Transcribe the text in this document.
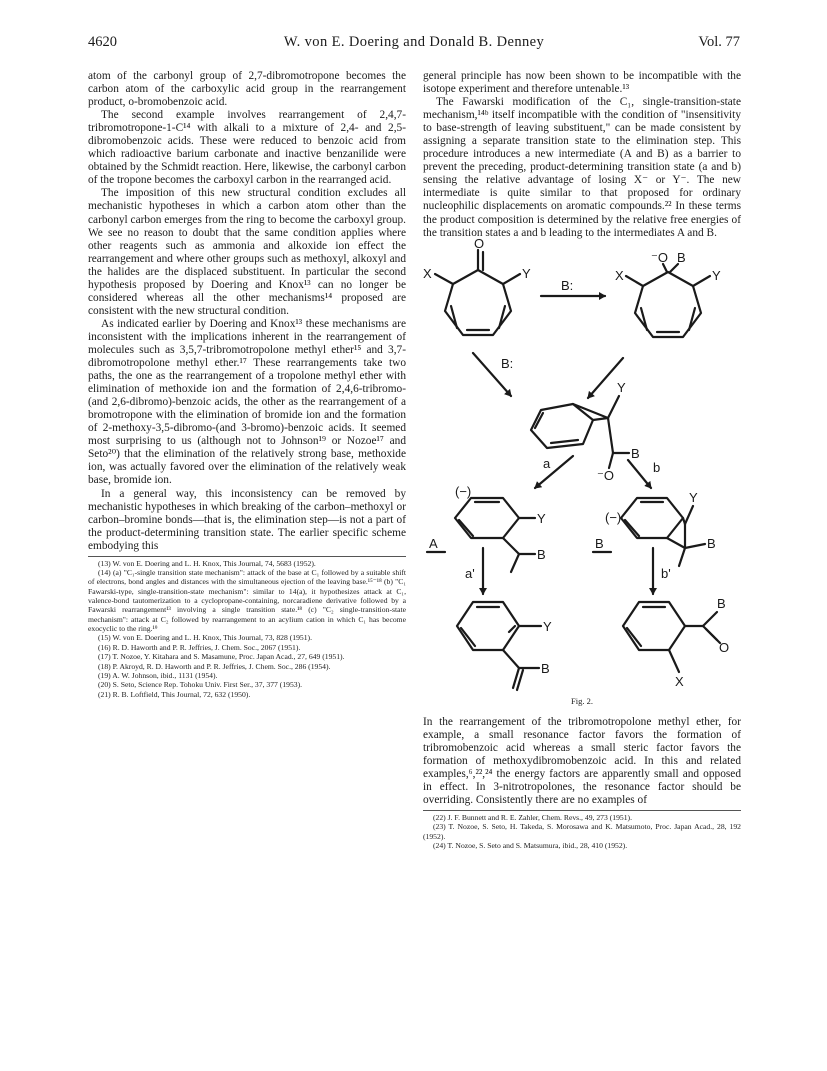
4620	W. von E. Doering and Donald B. Denney	Vol. 77

atom of the carbonyl group of 2,7-dibromotropone becomes the carbon atom of the carboxylic acid group in the rearrangement product, o-bromobenzoic acid.

The second example involves rearrangement of 2,4,7-tribromotropone-1-C¹⁴ with alkali to a mixture of 2,4- and 2,5-dibromobenzoic acids. These were reduced to benzoic acid from which radioactive barium carbonate and inactive benzanilide were obtained by the Schmidt reaction. Here, likewise, the carbonyl carbon of the tropone becomes the carboxyl carbon in the rearranged acid.

The imposition of this new structural condition excludes all mechanistic hypotheses in which a carbon atom other than the carbonyl carbon emerges from the ring to become the carboxyl group. We see no reason to doubt that the same condition applies where other reagents such as ammonia and alkoxide ion effect the rearrangement and where other groups such as methoxyl, alkoxyl and the halides are the displaced substituent. In particular the second hypothesis proposed by Doering and Knox¹³ can no longer be considered whereas all the other mechanisms¹⁴ proposed are consistent with the new structural condition.

As indicated earlier by Doering and Knox¹³ these mechanisms are inconsistent with the implications inherent in the rearrangement of molecules such as 3,5,7-tribromotropolone methyl ether¹⁵ and 3,7-dibromotropolone methyl ether.¹⁷ These rearrangements take two paths, the one as the rearrangement of a tropolone methyl ether with elimination of methoxide ion and the formation of 2,4,6-tribromo-(and 2,6-dibromo)-benzoic acids, the other as the rearrangement of a bromotropone with the elimination of bromide ion and the formation of 2-methoxy-3,5-dibromo-(and 3-bromo)-benzoic acids. It seemed most surprising to us (although not to Johnson¹⁹ or Nozoe¹⁷ and Seto²⁰) that the elimination of the relatively strong base, methoxide ion, was actually favored over the elimination of the relatively weak base, bromide ion.

In a general way, this inconsistency can be removed by mechanistic hypotheses in which breaking of the carbon–methoxyl or carbon–bromine bonds—that is, the elimination step—is not a part of the product-determining transition state. The earlier specific scheme embodying this

(13) W. von E. Doering and L. H. Knox, This Journal, 74, 5683 (1952).

(14) (a) "C₁-single transition state mechanism": attack of the base at C₁ followed by a suitable shift of electrons, bond angles and distances with the simultaneous ejection of the leaving base.¹⁵⁻¹⁸ (b) "C₁ Fawarski-type, single-transition-state mechanism": similar to 14(a), it hypothesizes attack at C₁, valence-bond tautomerization to a cyclopropane-containing, norcaradiene derivative followed by a Fawarski rearrangement¹³ involving a single transition state.¹⁸ (c) "C₂ single-transition-state mechanism": attack at C₂ followed by rearrangement to an acylium cation in which C₁ has become exocyclic to the ring.¹⁹

(15) W. von E. Doering and L. H. Knox, This Journal, 73, 828 (1951).

(16) R. D. Haworth and P. R. Jeffries, J. Chem. Soc., 2067 (1951).

(17) T. Nozoe, Y. Kitahara and S. Masamune, Proc. Japan Acad., 27, 649 (1951).

(18) P. Akroyd, R. D. Haworth and P. R. Jeffries, J. Chem. Soc., 286 (1954).

(19) A. W. Johnson, ibid., 1131 (1954).

(20) S. Seto, Science Rep. Tohoku Univ. First Ser., 37, 377 (1953).

(21) R. B. Loftfield, This Journal, 72, 632 (1950).

general principle has now been shown to be incompatible with the isotope experiment and therefore untenable.¹³

The Fawarski modification of the C₁, single-transition-state mechanism,¹⁴ᵇ itself incompatible with the condition of "insensitivity to base-strength of leaving substituent," can be made consistent by assigning a separate transition state to the elimination step. This procedure introduces a new intermediate (A and B) as a barrier to prevent the preceding, product-determining transition state (a and b) sensing the relative advantage of losing X⁻ or Y⁻. The new intermediate is quite similar to that proposed for ordinary nucleophilic displacements on aromatic compounds.²² In these terms the product composition is determined by the relative free energies of the transition states a and b leading to the intermediates A and B.

O
X	Y
B:
⁻O B
X	Y
B:
Y
B
⁻O
a	b
(−)
Y
B
A
(−)
Y
B
B
a'	b'
Y
B
B
O
X
Fig. 2.

In the rearrangement of the tribromotropolone methyl ether, for example, a small resonance factor favors the formation of tribromobenzoic acid whereas a small steric factor favors the formation of methoxydibromobenzoic acid. In this and related examples,⁶,²²,²⁴ the energy factors are apparently small and opposed in effect. In 3-nitrotropolones, the resonance factor should be overriding. Consistently there are no examples of

(22) J. F. Bunnett and R. E. Zahler, Chem. Revs., 49, 273 (1951).

(23) T. Nozoe, S. Seto, H. Takeda, S. Morosawa and K. Matsumoto, Proc. Japan Acad., 28, 192 (1952).

(24) T. Nozoe, S. Seto and S. Matsumura, ibid., 28, 410 (1952).
